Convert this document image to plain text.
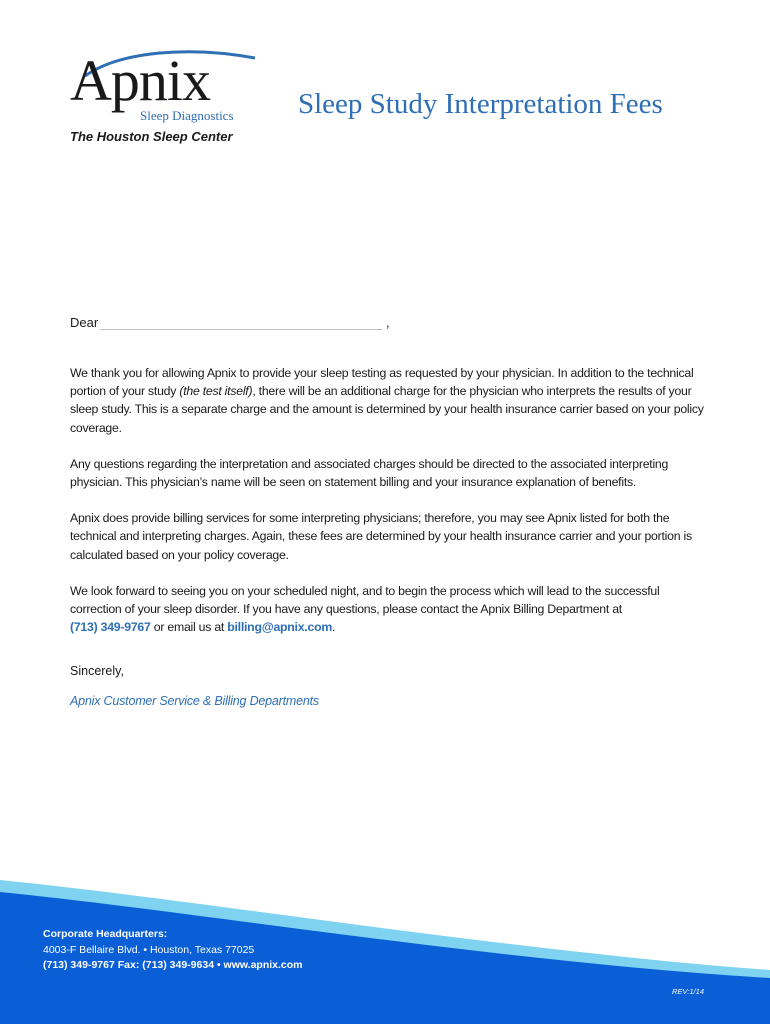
Apnix
Sleep Diagnostics
The Houston Sleep Center
Sleep Study Interpretation Fees
Dear	,

We thank you for allowing Apnix to provide your sleep testing as requested by your physician. In addition to the technical portion of your study (the test itself), there will be an additional charge for the physician who interprets the results of your sleep study. This is a separate charge and the amount is determined by your health insurance carrier based on your policy coverage.

Any questions regarding the interpretation and associated charges should be directed to the associated interpreting physician. This physician’s name will be seen on statement billing and your insurance explanation of benefits.

Apnix does provide billing services for some interpreting physicians; therefore, you may see Apnix listed for both the technical and interpreting charges. Again, these fees are determined by your health insurance carrier and your portion is calculated based on your policy coverage.

We look forward to seeing you on your scheduled night, and to begin the process which will lead to the successful correction of your sleep disorder. If you have any questions, please contact the Apnix Billing Department at
(713) 349-9767 or email us at billing@apnix.com.

Sincerely,
Apnix Customer Service & Billing Departments
Corporate Headquarters:
4003-F Bellaire Blvd. • Houston, Texas 77025
(713) 349-9767 Fax: (713) 349-9634 • www.apnix.com
REV:1/14
